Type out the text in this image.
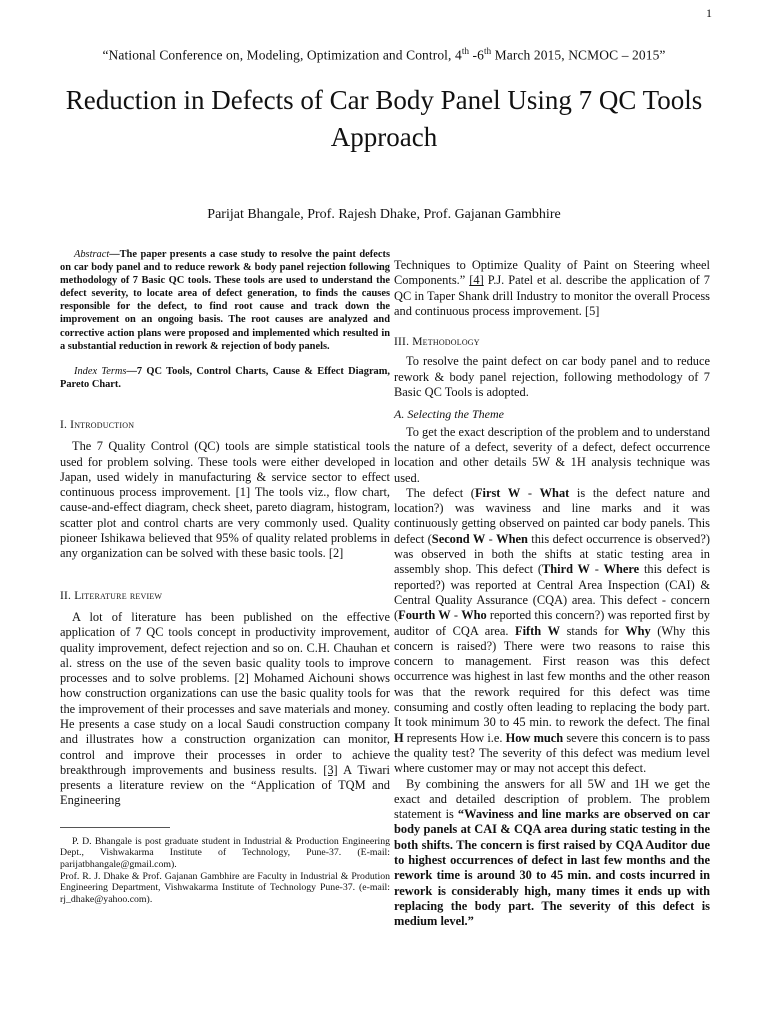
1
“National Conference on, Modeling, Optimization and Control, 4th -6th March 2015, NCMOC – 2015”
Reduction in Defects of Car Body Panel Using 7 QC Tools Approach
Parijat Bhangale, Prof. Rajesh Dhake, Prof. Gajanan Gambhire

Abstract—The paper presents a case study to resolve the paint defects on car body panel and to reduce rework & body panel rejection following methodology of 7 Basic QC tools. These tools are used to understand the defect severity, to locate area of defect generation, to finds the causes responsible for the defect, to find root cause and track down the improvement on an ongoing basis. The root causes are analyzed and corrective action plans were proposed and implemented which resulted in a substantial reduction in rework & rejection of body panels.

Index Terms—7 QC Tools, Control Charts, Cause & Effect Diagram, Pareto Chart.

I. Introduction

The 7 Quality Control (QC) tools are simple statistical tools used for problem solving. These tools were either developed in Japan, used widely in manufacturing & service sector to effect continuous process improvement. [1] The tools viz., flow chart, cause-and-effect diagram, check sheet, pareto diagram, histogram, scatter plot and control charts are very commonly used. Quality pioneer Ishikawa believed that 95% of quality related problems in any organization can be solved with these basic tools. [2]

II. Literature review

A lot of literature has been published on the effective application of 7 QC tools concept in productivity improvement, quality improvement, defect rejection and so on. C.H. Chauhan et al. stress on the use of the seven basic quality tools to improve processes and to solve problems. [2] Mohamed Aichouni shows how construction organizations can use the basic quality tools for the improvement of their processes and save materials and money. He presents a case study on a local Saudi construction company and illustrates how a construction organization can monitor, control and improve their processes in order to achieve breakthrough improvements and business results. [3] A Tiwari presents a literature review on the “Application of TQM and Engineering

P. D. Bhangale is post graduate student in Industrial & Production Engineering Dept., Vishwakarma Institute of Technology, Pune-37. (E-mail: parijatbhangale@gmail.com).

Prof. R. J. Dhake & Prof. Gajanan Gambhire are Faculty in Industrial & Prodution Engineering Department, Vishwakarma Institute of Technology Pune-37. (e-mail: rj_dhake@yahoo.com).

Techniques to Optimize Quality of Paint on Steering wheel Components.” [4] P.J. Patel et al. describe the application of 7 QC in Taper Shank drill Industry to monitor the overall Process and continuous process improvement. [5]

III. Methodology

To resolve the paint defect on car body panel and to reduce rework & body panel rejection, following methodology of 7 Basic QC Tools is adopted.

A. Selecting the Theme

To get the exact description of the problem and to understand the nature of a defect, severity of a defect, defect occurrence location and other details 5W & 1H analysis technique was used.

The defect (First W - What is the defect nature and location?) was waviness and line marks and it was continuously getting observed on painted car body panels. This defect (Second W - When this defect occurrence is observed?) was observed in both the shifts at static testing area in assembly shop. This defect (Third W - Where this defect is reported?) was reported at Central Area Inspection (CAI) & Central Quality Assurance (CQA) area. This defect - concern (Fourth W - Who reported this concern?) was reported first by auditor of CQA area. Fifth W stands for Why (Why this concern is raised?) There were two reasons to raise this concern to management. First reason was this defect occurrence was highest in last few months and the other reason was that the rework required for this defect was time consuming and costly often leading to replacing the body part. It took minimum 30 to 45 min. to rework the defect. The final H represents How i.e. How much severe this concern is to pass the quality test? The severity of this defect was medium level where customer may or may not accept this defect.

By combining the answers for all 5W and 1H we get the exact and detailed description of problem. The problem statement is “Waviness and line marks are observed on car body panels at CAI & CQA area during static testing in the both shifts. The concern is first raised by CQA Auditor due to highest occurrences of defect in last few months and the rework time is around 30 to 45 min. and costs incurred in rework is considerably high, many times it ends up with replacing the body part. The severity of this defect is medium level.”
